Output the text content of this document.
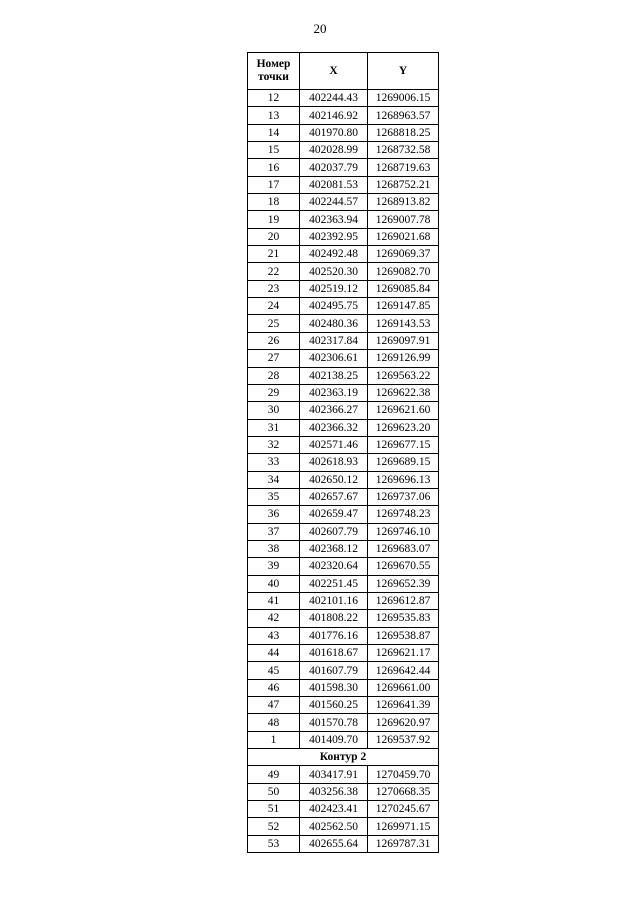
20
Номер
точки	X	Y
12	402244.43	1269006.15
13	402146.92	1268963.57
14	401970.80	1268818.25
15	402028.99	1268732.58
16	402037.79	1268719.63
17	402081.53	1268752.21
18	402244.57	1268913.82
19	402363.94	1269007.78
20	402392.95	1269021.68
21	402492.48	1269069.37
22	402520.30	1269082.70
23	402519.12	1269085.84
24	402495.75	1269147.85
25	402480.36	1269143.53
26	402317.84	1269097.91
27	402306.61	1269126.99
28	402138.25	1269563.22
29	402363.19	1269622.38
30	402366.27	1269621.60
31	402366.32	1269623.20
32	402571.46	1269677.15
33	402618.93	1269689.15
34	402650.12	1269696.13
35	402657.67	1269737.06
36	402659.47	1269748.23
37	402607.79	1269746.10
38	402368.12	1269683.07
39	402320.64	1269670.55
40	402251.45	1269652.39
41	402101.16	1269612.87
42	401808.22	1269535.83
43	401776.16	1269538.87
44	401618.67	1269621.17
45	401607.79	1269642.44
46	401598.30	1269661.00
47	401560.25	1269641.39
48	401570.78	1269620.97
1	401409.70	1269537.92
Контур 2		
49	403417.91	1270459.70
50	403256.38	1270668.35
51	402423.41	1270245.67
52	402562.50	1269971.15
53	402655.64	1269787.31
